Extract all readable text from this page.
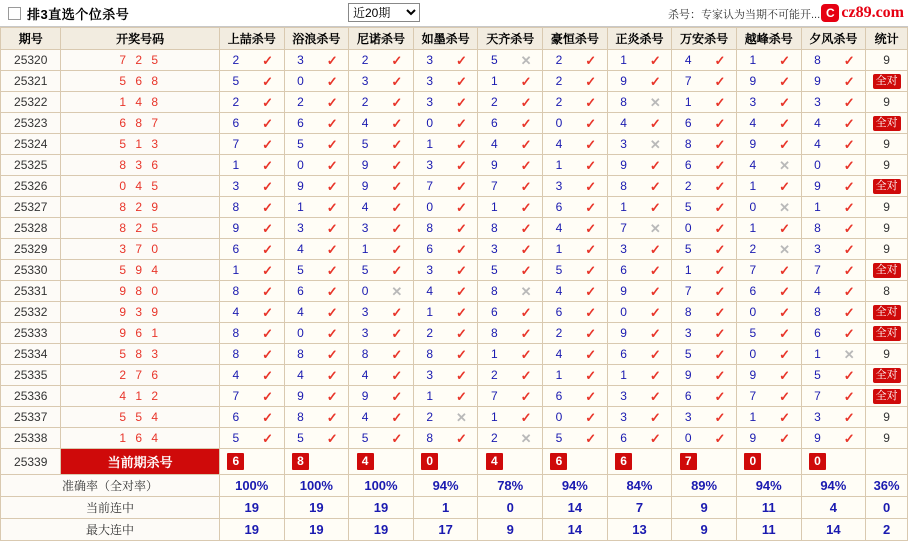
排3直选个位杀号
近20期	杀号：专家认为当期不可能开... C cz89.com
期号	开奖号码	上喆杀号	浴浪杀号	尼诺杀号	如墨杀号	天齐杀号	豪恒杀号	正炎杀号	万安杀号	越峰杀号	夕风杀号	统计
25320	7 2 5	2	✓	3	✓	2	✓	3	✓	5	✕	2	✓	1	✓	4	✓	1	✓	8	✓	9
25321	5 6 8	5	✓	0	✓	3	✓	3	✓	1	✓	2	✓	9	✓	7	✓	9	✓	9	✓	全对
25322	1 4 8	2	✓	2	✓	2	✓	3	✓	2	✓	2	✓	8	✕	1	✓	3	✓	3	✓	9
25323	6 8 7	6	✓	6	✓	4	✓	0	✓	6	✓	0	✓	4	✓	6	✓	4	✓	4	✓	全对
25324	5 1 3	7	✓	5	✓	5	✓	1	✓	4	✓	4	✓	3	✕	8	✓	9	✓	4	✓	9
25325	8 3 6	1	✓	0	✓	9	✓	3	✓	9	✓	1	✓	9	✓	6	✓	4	✕	0	✓	9
25326	0 4 5	3	✓	9	✓	9	✓	7	✓	7	✓	3	✓	8	✓	2	✓	1	✓	9	✓	全对
25327	8 2 9	8	✓	1	✓	4	✓	0	✓	1	✓	6	✓	1	✓	5	✓	0	✕	1	✓	9
25328	8 2 5	9	✓	3	✓	3	✓	8	✓	8	✓	4	✓	7	✕	0	✓	1	✓	8	✓	9
25329	3 7 0	6	✓	4	✓	1	✓	6	✓	3	✓	1	✓	3	✓	5	✓	2	✕	3	✓	9
25330	5 9 4	1	✓	5	✓	5	✓	3	✓	5	✓	5	✓	6	✓	1	✓	7	✓	7	✓	全对
25331	9 8 0	8	✓	6	✓	0	✕	4	✓	8	✕	4	✓	9	✓	7	✓	6	✓	4	✓	8
25332	9 3 9	4	✓	4	✓	3	✓	1	✓	6	✓	6	✓	0	✓	8	✓	0	✓	8	✓	全对
25333	9 6 1	8	✓	0	✓	3	✓	2	✓	8	✓	2	✓	9	✓	3	✓	5	✓	6	✓	全对
25334	5 8 3	8	✓	8	✓	8	✓	8	✓	1	✓	4	✓	6	✓	5	✓	0	✓	1	✕	9
25335	2 7 6	4	✓	4	✓	4	✓	3	✓	2	✓	1	✓	1	✓	9	✓	9	✓	5	✓	全对
25336	4 1 2	7	✓	9	✓	9	✓	1	✓	7	✓	6	✓	3	✓	6	✓	7	✓	7	✓	全对
25337	5 5 4	6	✓	8	✓	4	✓	2	✕	1	✓	0	✓	3	✓	3	✓	1	✓	3	✓	9
25338	1 6 4	5	✓	5	✓	5	✓	8	✓	2	✕	5	✓	6	✓	0	✓	9	✓	9	✓	9
25339	当前期杀号	6	8	4	0	4	6	6	7	0	0	

准确率（全对率）		100%	100%	100%	94%	78%	94%	84%	89%	94%	94%	36%
当前连中		19	19	19	1	0	14	7	9	11	4	0
最大连中		19	19	19	17	9	14	13	9	11	14	2
